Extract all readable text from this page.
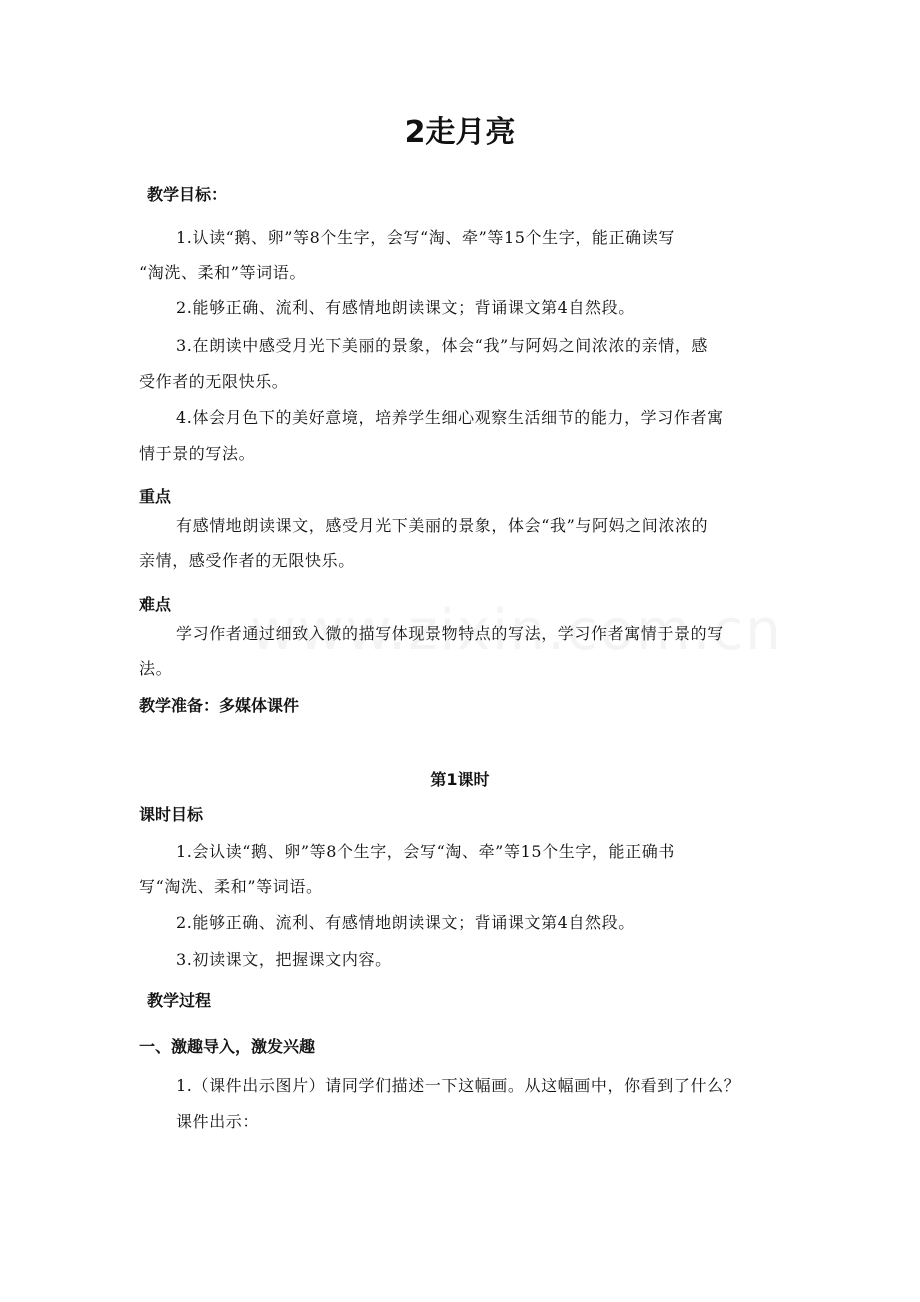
2走月亮
教学目标：
1.认读“鹅、卵”等8个生字，会写“淘、牵”等15个生字，能正确读写
“淘洗、柔和”等词语。
2.能够正确、流利、有感情地朗读课文；背诵课文第4自然段。
3.在朗读中感受月光下美丽的景象，体会“我”与阿妈之间浓浓的亲情，感
受作者的无限快乐。
4.体会月色下的美好意境，培养学生细心观察生活细节的能力，学习作者寓
情于景的写法。
重点
有感情地朗读课文，感受月光下美丽的景象，体会“我”与阿妈之间浓浓的
亲情，感受作者的无限快乐。
难点
学习作者通过细致入微的描写体现景物特点的写法，学习作者寓情于景的写
法。
教学准备：多媒体课件
第1课时
课时目标
1.会认读“鹅、卵”等8个生字，会写“淘、牵”等15个生字，能正确书
写“淘洗、柔和”等词语。
2.能够正确、流利、有感情地朗读课文；背诵课文第4自然段。
3.初读课文，把握课文内容。
教学过程
一、激趣导入，激发兴趣
1.（课件出示图片）请同学们描述一下这幅画。从这幅画中，你看到了什么？
课件出示：
